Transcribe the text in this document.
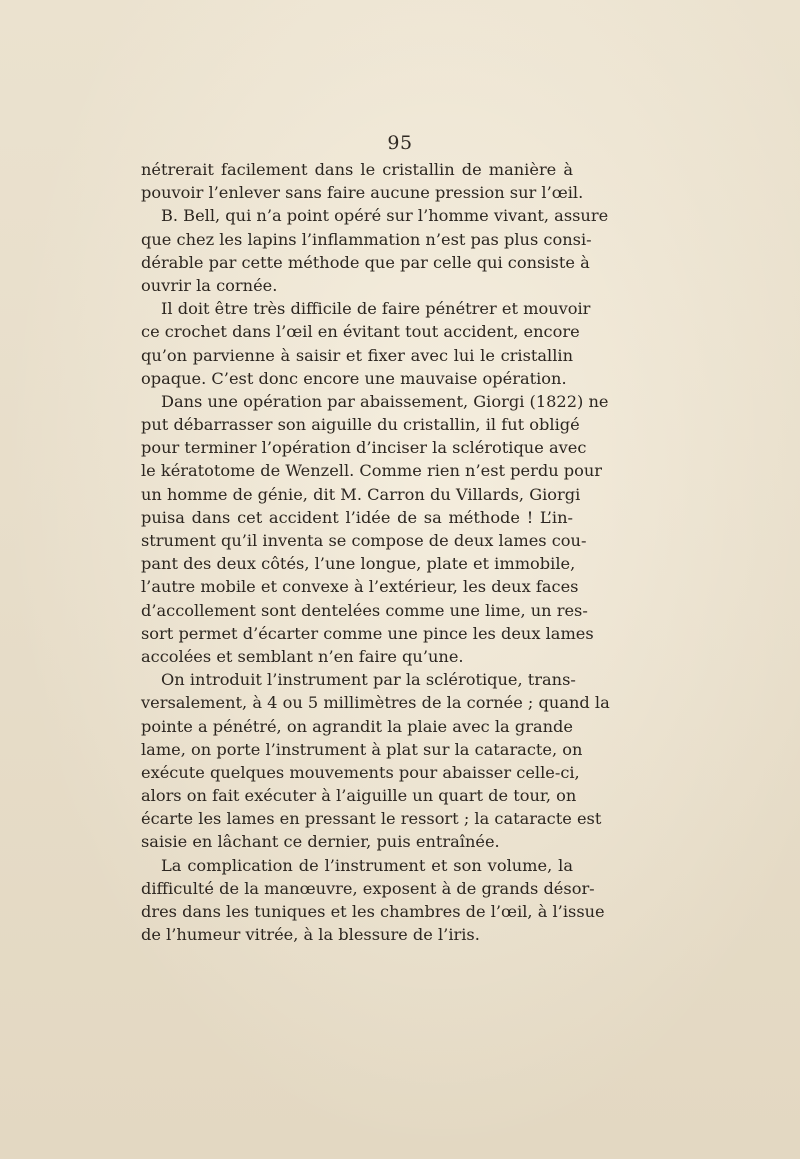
95
nétrerait facilement dans le cristallin de manière à
pouvoir l’enlever sans faire aucune pression sur l’œil.
B. Bell, qui n’a point opéré sur l’homme vivant, assure
que chez les lapins l’inflammation n’est pas plus consi-
dérable par cette méthode que par celle qui consiste à
ouvrir la cornée.
Il doit être très difficile de faire pénétrer et mouvoir
ce crochet dans l’œil en évitant tout accident, encore
qu’on parvienne à saisir et fixer avec lui le cristallin
opaque. C’est donc encore une mauvaise opération.
Dans une opération par abaissement, Giorgi (1822) ne
put débarrasser son aiguille du cristallin, il fut obligé
pour terminer l’opération d’inciser la sclérotique avec
le kératotome de Wenzell. Comme rien n’est perdu pour
un homme de génie, dit M. Carron du Villards, Giorgi
puisa dans cet accident l’idée de sa méthode ! L’in-
strument qu’il inventa se compose de deux lames cou-
pant des deux côtés, l’une longue, plate et immobile,
l’autre mobile et convexe à l’extérieur, les deux faces
d’accollement sont dentelées comme une lime, un res-
sort permet d’écarter comme une pince les deux lames
accolées et semblant n’en faire qu’une.
On introduit l’instrument par la sclérotique, trans-
versalement, à 4 ou 5 millimètres de la cornée ; quand la
pointe a pénétré, on agrandit la plaie avec la grande
lame, on porte l’instrument à plat sur la cataracte, on
exécute quelques mouvements pour abaisser celle-ci,
alors on fait exécuter à l’aiguille un quart de tour, on
écarte les lames en pressant le ressort ; la cataracte est
saisie en lâchant ce dernier, puis entraînée.
La complication de l’instrument et son volume, la
difficulté de la manœuvre, exposent à de grands désor-
dres dans les tuniques et les chambres de l’œil, à l’issue
de l’humeur vitrée, à la blessure de l’iris.
